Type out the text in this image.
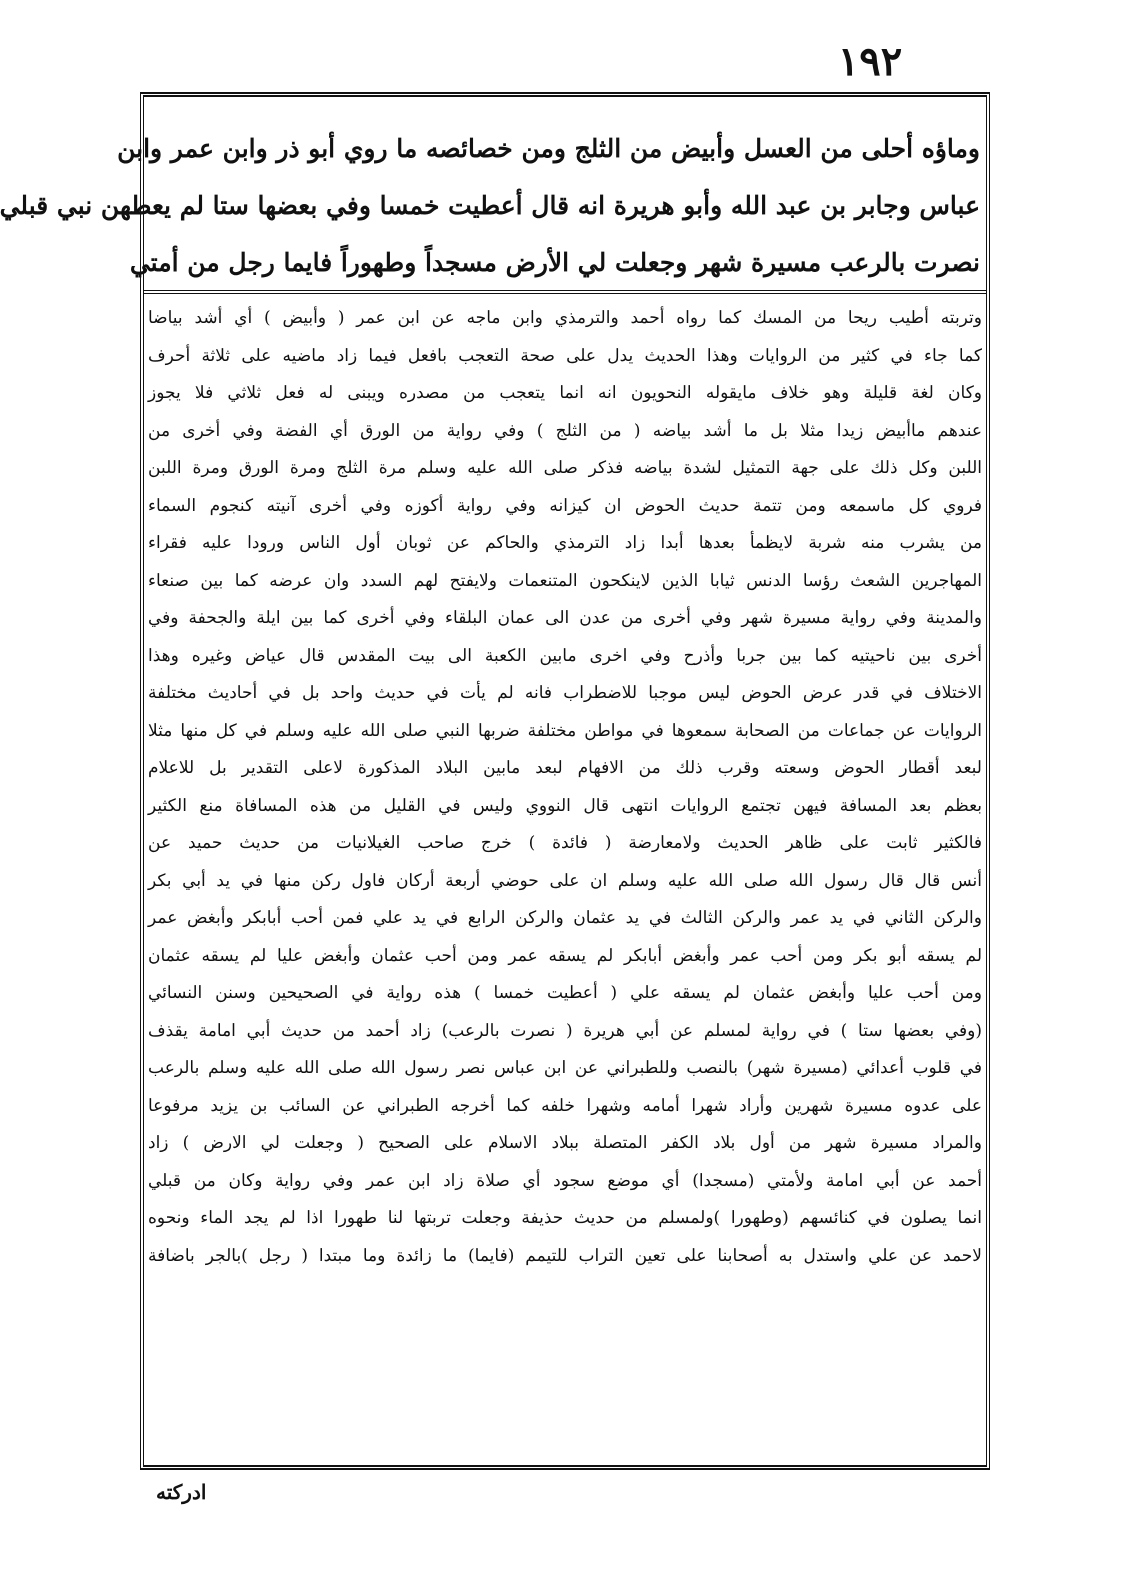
١٩٢
وماؤه أحلى من العسل وأبيض من الثلج ومن خصائصه ما روي أبو ذر وابن عمر وابن
عباس وجابر بن عبد الله وأبو هريرة انه قال أعطيت خمسا وفي بعضها ستا لم يعطهن نبي قبلي
نصرت بالرعب مسيرة شهر وجعلت لي الأرض مسجداً وطهوراً فايما رجل من أمتي
وتربته أطيب ريحا من المسك كما رواه أحمد والترمذي وابن ماجه عن ابن عمر ( وأبيض ) أي أشد بياضا
كما جاء في كثير من الروايات وهذا الحديث يدل على صحة التعجب بافعل فيما زاد ماضيه على ثلاثة أحرف
وكان لغة قليلة وهو خلاف مايقوله النحويون انه انما يتعجب من مصدره ويبنى له فعل ثلاثي فلا يجوز
عندهم ماأبيض زيدا مثلا بل ما أشد بياضه ( من الثلج ) وفي رواية من الورق أي الفضة وفي أخرى من
اللبن وكل ذلك على جهة التمثيل لشدة بياضه فذكر صلى الله عليه وسلم مرة الثلج ومرة الورق ومرة اللبن
فروي كل ماسمعه ومن تتمة حديث الحوض ان كيزانه وفي رواية أكوزه وفي أخرى آنيته كنجوم السماء
من يشرب منه شربة لايظمأ بعدها أبدا زاد الترمذي والحاكم عن ثوبان أول الناس ورودا عليه فقراء
المهاجرين الشعث رؤسا الدنس ثيابا الذين لاينكحون المتنعمات ولايفتح لهم السدد وان عرضه كما بين صنعاء
والمدينة وفي رواية مسيرة شهر وفي أخرى من عدن الى عمان البلقاء وفي أخرى كما بين ايلة والجحفة وفي
أخرى بين ناحيتيه كما بين جربا وأذرح وفي اخرى مابين الكعبة الى بيت المقدس قال عياض وغيره وهذا
الاختلاف في قدر عرض الحوض ليس موجبا للاضطراب فانه لم يأت في حديث واحد بل في أحاديث مختلفة
الروايات عن جماعات من الصحابة سمعوها في مواطن مختلفة ضربها النبي صلى الله عليه وسلم في كل منها مثلا
لبعد أقطار الحوض وسعته وقرب ذلك من الافهام لبعد مابين البلاد المذكورة لاعلى التقدير بل للاعلام
بعظم بعد المسافة فيهن تجتمع الروايات انتهى قال النووي وليس في القليل من هذه المسافاة منع الكثير
فالكثير ثابت على ظاهر الحديث ولامعارضة ( فائدة ) خرج صاحب الغيلانيات من حديث حميد عن
أنس قال قال رسول الله صلى الله عليه وسلم ان على حوضي أربعة أركان فاول ركن منها في يد أبي بكر
والركن الثاني في يد عمر والركن الثالث في يد عثمان والركن الرابع في يد علي فمن أحب أبابكر وأبغض عمر
لم يسقه أبو بكر ومن أحب عمر وأبغض أبابكر لم يسقه عمر ومن أحب عثمان وأبغض عليا لم يسقه عثمان
ومن أحب عليا وأبغض عثمان لم يسقه علي ( أعطيت خمسا ) هذه رواية في الصحيحين وسنن النسائي
(وفي بعضها ستا ) في رواية لمسلم عن أبي هريرة ( نصرت بالرعب) زاد أحمد من حديث أبي امامة يقذف
في قلوب أعدائي (مسيرة شهر) بالنصب وللطبراني عن ابن عباس نصر رسول الله صلى الله عليه وسلم بالرعب
على عدوه مسيرة شهرين وأراد شهرا أمامه وشهرا خلفه كما أخرجه الطبراني عن السائب بن يزيد مرفوعا
والمراد مسيرة شهر من أول بلاد الكفر المتصلة ببلاد الاسلام على الصحيح ( وجعلت لي الارض ) زاد
أحمد عن أبي امامة ولأمتي (مسجدا) أي موضع سجود أي صلاة زاد ابن عمر وفي رواية وكان من قبلي
انما يصلون في كنائسهم (وطهورا )ولمسلم من حديث حذيفة وجعلت تربتها لنا طهورا اذا لم يجد الماء ونحوه
لاحمد عن علي واستدل به أصحابنا على تعين التراب للتيمم (فايما) ما زائدة وما مبتدا ( رجل )بالجر باضافة
ادركته
